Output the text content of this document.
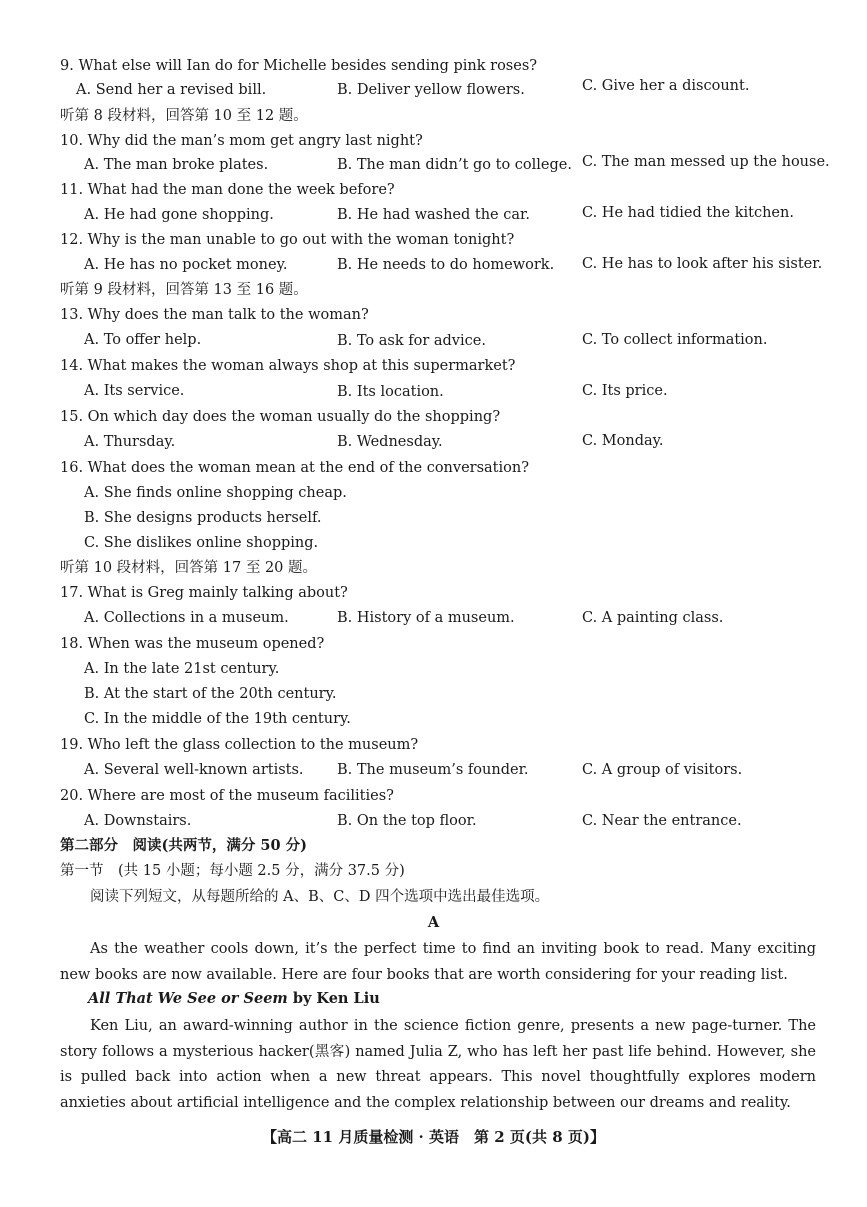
9. What else will Ian do for Michelle besides sending pink roses?
A. Send her a revised bill.	B. Deliver yellow flowers.	C. Give her a discount.
听第 8 段材料，回答第 10 至 12 题。
10. Why did the man’s mom get angry last night?
A. The man broke plates.	B. The man didn’t go to college. C. The man messed up the house.
11. What had the man done the week before?
A. He had gone shopping.	B. He had washed the car.	C. He had tidied the kitchen.
12. Why is the man unable to go out with the woman tonight?
A. He has no pocket money.	B. He needs to do homework. C. He has to look after his sister.
听第 9 段材料，回答第 13 至 16 题。
13. Why does the man talk to the woman?
A. To offer help.	B. To ask for advice.	C. To collect information.
14. What makes the woman always shop at this supermarket?
A. Its service.	B. Its location.	C. Its price.
15. On which day does the woman usually do the shopping?
A. Thursday.	B. Wednesday.	C. Monday.
16. What does the woman mean at the end of the conversation?
A. She finds online shopping cheap.
B. She designs products herself.
C. She dislikes online shopping.
听第 10 段材料，回答第 17 至 20 题。
17. What is Greg mainly talking about?
A. Collections in a museum.	B. History of a museum.	C. A painting class.
18. When was the museum opened?
A. In the late 21st century.
B. At the start of the 20th century.
C. In the middle of the 19th century.
19. Who left the glass collection to the museum?
A. Several well-known artists. B. The museum’s founder.	C. A group of visitors.
20. Where are most of the museum facilities?
A. Downstairs.	B. On the top floor.	C. Near the entrance.
第二部分　阅读(共两节，满分 50 分)
第一节　(共 15 小题；每小题 2.5 分，满分 37.5 分)
阅读下列短文，从每题所给的 A、B、C、D 四个选项中选出最佳选项。
A

As the weather cools down, it’s the perfect time to find an inviting book to read. Many exciting new books are now available. Here are four books that are worth considering for your reading list.

All That We See or Seem by Ken Liu

Ken Liu, an award-winning author in the science fiction genre, presents a new page-turner. The story follows a mysterious hacker(黑客) named Julia Z, who has left her past life behind. However, she is pulled back into action when a new threat appears. This novel thoughtfully explores modern anxieties about artificial intelligence and the complex relationship between our dreams and reality.

【高二 11 月质量检测 · 英语　第 2 页(共 8 页)】
